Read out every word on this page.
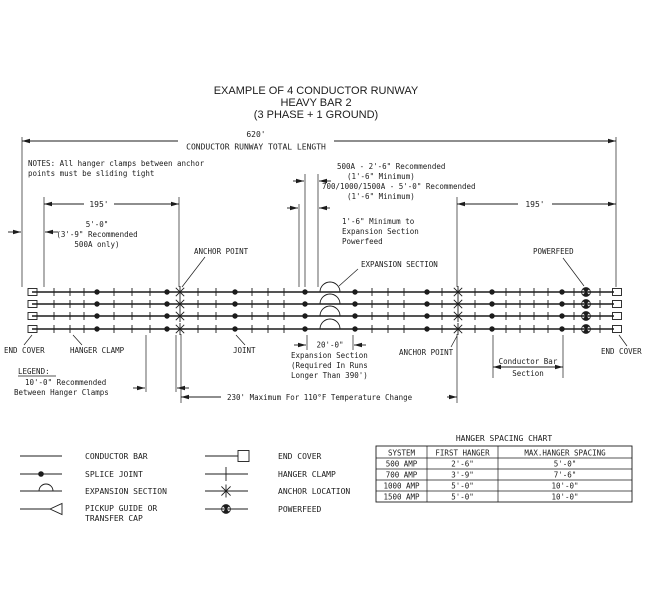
EXAMPLE OF 4 CONDUCTOR RUNWAY
HEAVY BAR 2
(3 PHASE + 1 GROUND)
620'
CONDUCTOR RUNWAY TOTAL LENGTH
NOTES: All hanger clamps between anchor
points must be sliding tight
195'	195'
5'-0"
(3'-9" Recommended
500A only)
ANCHOR POINT
500A - 2'-6" Recommended
(1'-6" Minimum)
700/1000/1500A - 5'-0" Recommended
(1'-6" Minimum)
1'-6" Minimum to
Expansion Section
Powerfeed
EXPANSION SECTION
POWERFEED
END COVER	HANGER CLAMP
LEGEND:
10'-0" Recommended
Between Hanger Clamps
JOINT
20'-0"
Expansion Section
(Required In Runs
Longer Than 390')
ANCHOR POINT
230' Maximum For 110°F Temperature Change
Conductor Bar
Section
END COVER
CONDUCTOR BAR
SPLICE JOINT
EXPANSION SECTION
PICKUP GUIDE OR
TRANSFER CAP
END COVER
HANGER CLAMP
ANCHOR LOCATION
POWERFEED
HANGER SPACING CHART
SYSTEM	FIRST HANGER	MAX.HANGER SPACING
500 AMP	2'-6"	5'-0"
700 AMP	3'-9"	7'-6"
1000 AMP	5'-0"	10'-0"
1500 AMP	5'-0"	10'-0"
